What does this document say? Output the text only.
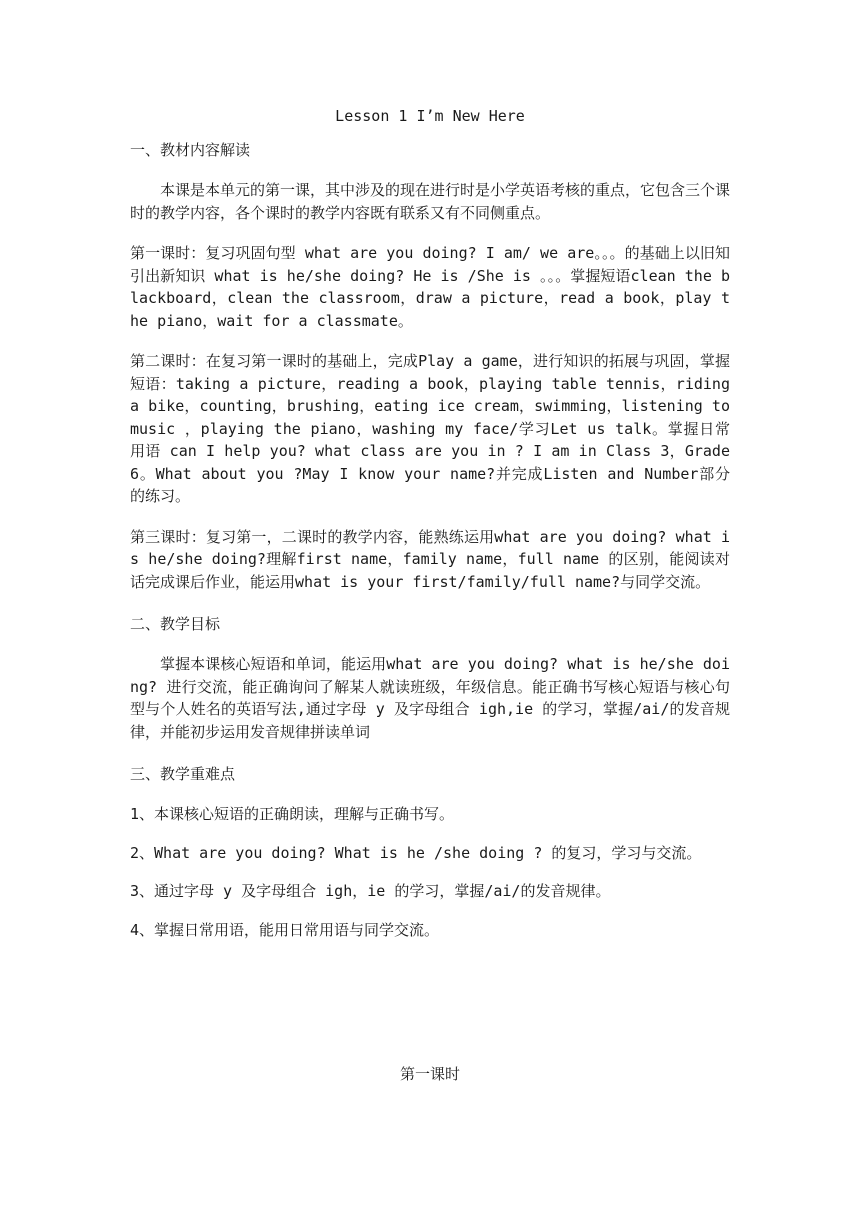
Lesson 1 I’m New Here
一、教材内容解读
本课是本单元的第一课，其中涉及的现在进行时是小学英语考核的重点，它包含三个课时的教学内容，各个课时的教学内容既有联系又有不同侧重点。
第一课时：复习巩固句型 what are you doing? I am/ we are。。。的基础上以旧知引出新知识 what is he/she doing? He is /She is 。。。掌握短语clean the blackboard，clean the classroom，draw a picture，read a book，play the piano，wait for a classmate。
第二课时：在复习第一课时的基础上，完成Play a game，进行知识的拓展与巩固，掌握短语：taking a picture，reading a book，playing table tennis，riding a bike，counting，brushing，eating ice cream，swimming，listening to music ，playing the piano，washing my face/学习Let us talk。掌握日常用语 can I help you? what class are you in ? I am in Class 3，Grade 6。What about you ?May I know your name?并完成Listen and Number部分的练习。
第三课时：复习第一，二课时的教学内容，能熟练运用what are you doing? what is he/she doing?理解first name，family name，full name 的区别，能阅读对话完成课后作业，能运用what is your first/family/full name?与同学交流。
二、教学目标
掌握本课核心短语和单词，能运用what are you doing? what is he/she doing? 进行交流，能正确询问了解某人就读班级，年级信息。能正确书写核心短语与核心句型与个人姓名的英语写法,通过字母 y 及字母组合 igh,ie 的学习，掌握/ai/的发音规律，并能初步运用发音规律拼读单词
三、教学重难点
1、本课核心短语的正确朗读，理解与正确书写。
2、What are you doing? What is he /she doing ? 的复习，学习与交流。
3、通过字母 y 及字母组合 igh，ie 的学习，掌握/ai/的发音规律。
4、掌握日常用语，能用日常用语与同学交流。
第一课时
